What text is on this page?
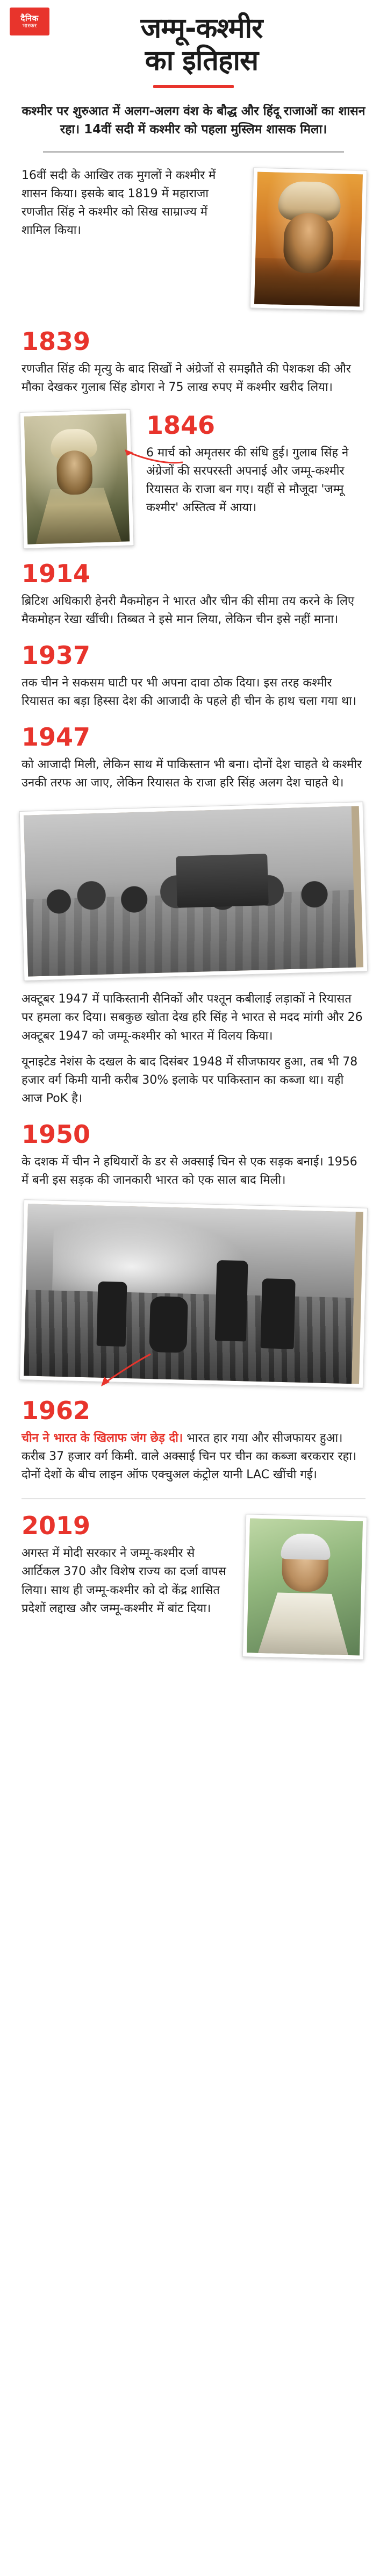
दैनिक
भास्कर	जम्मू-कश्मीर
का इतिहास
कश्मीर पर शुरुआत में अलग-अलग वंश के बौद्ध और हिंदू राजाओं का शासन रहा। 14वीं सदी में कश्मीर को पहला मुस्लिम शासक मिला।
16वीं सदी के आखिर तक मुगलों ने कश्मीर में शासन किया। इसके बाद 1819 में महाराजा रणजीत सिंह ने कश्मीर को सिख साम्राज्य में शामिल किया।
1839
रणजीत सिंह की मृत्यु के बाद सिखों ने अंग्रेजों से समझौते की पेशकश की और मौका देखकर गुलाब सिंह डोगरा ने 75 लाख रुपए में कश्मीर खरीद लिया।
1846
6 मार्च को अमृतसर की संधि हुई। गुलाब सिंह ने अंग्रेजों की सरपरस्ती अपनाई और जम्मू-कश्मीर रियासत के राजा बन गए। यहीं से मौजूदा 'जम्मू कश्मीर' अस्तित्व में आया।
1914
ब्रिटिश अधिकारी हेनरी मैकमोहन ने भारत और चीन की सीमा तय करने के लिए मैकमोहन रेखा खींची। तिब्बत ने इसे मान लिया, लेकिन चीन इसे नहीं माना।
1937
तक चीन ने सकसम घाटी पर भी अपना दावा ठोक दिया। इस तरह कश्मीर रियासत का बड़ा हिस्सा देश की आजादी के पहले ही चीन के हाथ चला गया था।
1947
को आजादी मिली, लेकिन साथ में पाकिस्तान भी बना। दोनों देश चाहते थे कश्मीर उनकी तरफ आ जाए, लेकिन रियासत के राजा हरि सिंह अलग देश चाहते थे।
अक्टूबर 1947 में पाकिस्तानी सैनिकों और पश्तून कबीलाई लड़ाकों ने रियासत पर हमला कर दिया। सबकुछ खोता देख हरि सिंह ने भारत से मदद मांगी और 26 अक्टूबर 1947 को जम्मू-कश्मीर को भारत में विलय किया।
यूनाइटेड नेशंस के दखल के बाद दिसंबर 1948 में सीजफायर हुआ, तब भी 78 हजार वर्ग किमी यानी करीब 30% इलाके पर पाकिस्तान का कब्जा था। यही आज PoK है।
1950
के दशक में चीन ने हथियारों के डर से अक्साई चिन से एक सड़क बनाई। 1956 में बनी इस सड़क की जानकारी भारत को एक साल बाद मिली।
1962
चीन ने भारत के खिलाफ जंग छेड़ दी। भारत हार गया और सीजफायर हुआ। करीब 37 हजार वर्ग किमी. वाले अक्साई चिन पर चीन का कब्जा बरकरार रहा। दोनों देशों के बीच लाइन ऑफ एक्चुअल कंट्रोल यानी LAC खींची गई।
2019
अगस्त में मोदी सरकार ने जम्मू-कश्मीर से आर्टिकल 370 और विशेष राज्य का दर्जा वापस लिया। साथ ही जम्मू-कश्मीर को दो केंद्र शासित प्रदेशों लद्दाख और जम्मू-कश्मीर में बांट दिया।
